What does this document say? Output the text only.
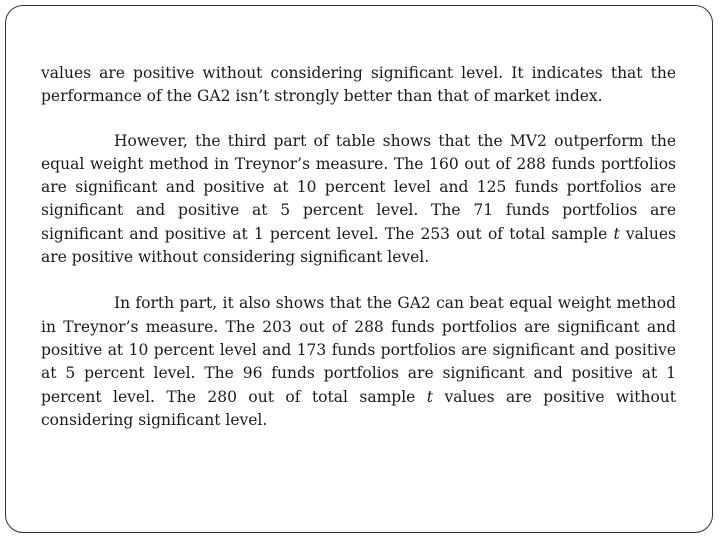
values are positive without considering significant level. It indicates that the performance of the GA2 isn’t strongly better than that of market index.

However, the third part of table shows that the MV2 outperform the equal weight method in Treynor’s measure. The 160 out of 288 funds portfolios are significant and positive at 10 percent level and 125 funds portfolios are significant and positive at 5 percent level. The 71 funds portfolios are significant and positive at 1 percent level. The 253 out of total sample t values are positive without considering significant level.

In forth part, it also shows that the GA2 can beat equal weight method in Treynor’s measure. The 203 out of 288 funds portfolios are significant and positive at 10 percent level and 173 funds portfolios are significant and positive at 5 percent level. The 96 funds portfolios are significant and positive at 1 percent level. The 280 out of total sample t values are positive without considering significant level.
